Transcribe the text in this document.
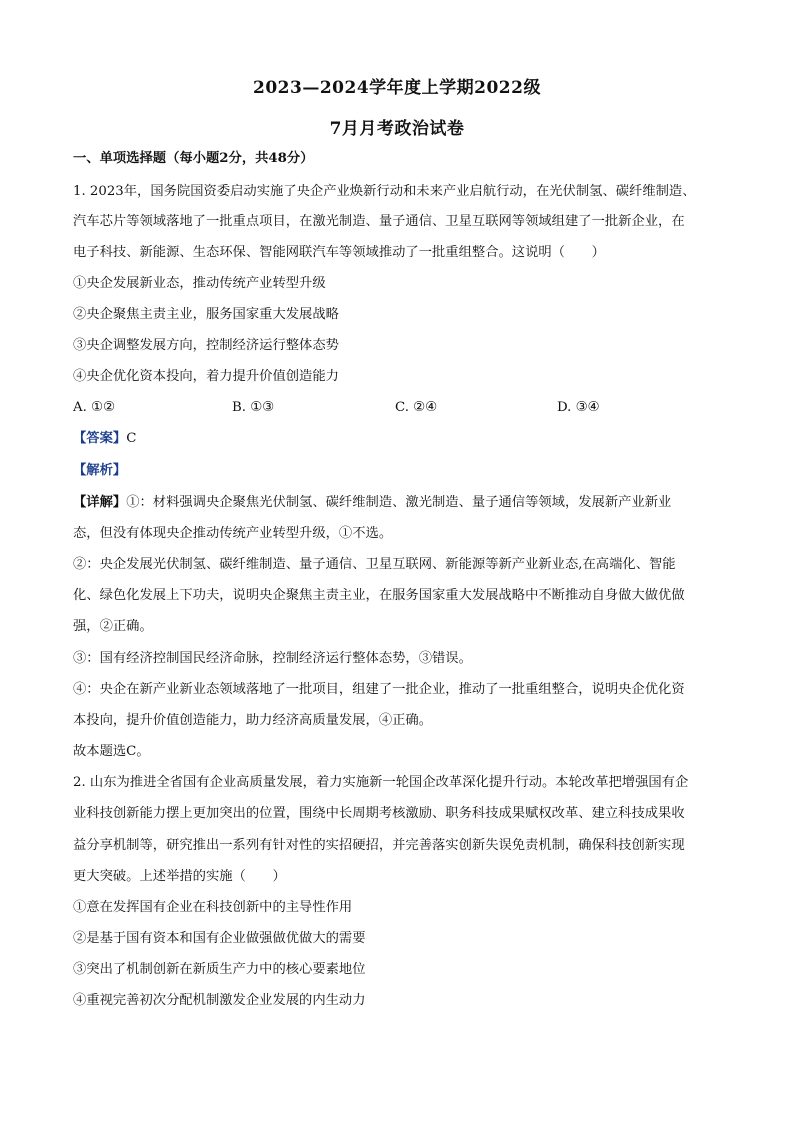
2023—2024学年度上学期2022级
7月月考政治试卷
一、单项选择题（每小题2分，共48分）
1. 2023年，国务院国资委启动实施了央企产业焕新行动和未来产业启航行动，在光伏制氢、碳纤维制造、
汽车芯片等领域落地了一批重点项目，在激光制造、量子通信、卫星互联网等领域组建了一批新企业，在
电子科技、新能源、生态环保、智能网联汽车等领域推动了一批重组整合。这说明（　　）
①央企发展新业态，推动传统产业转型升级
②央企聚焦主责主业，服务国家重大发展战略
③央企调整发展方向，控制经济运行整体态势
④央企优化资本投向，着力提升价值创造能力
A. ①②	B. ①③	C. ②④	D. ③④
【答案】C
【解析】
【详解】①：材料强调央企聚焦光伏制氢、碳纤维制造、激光制造、量子通信等领域，发展新产业新业
态，但没有体现央企推动传统产业转型升级，①不选。
②：央企发展光伏制氢、碳纤维制造、量子通信、卫星互联网、新能源等新产业新业态,在高端化、智能
化、绿色化发展上下功夫，说明央企聚焦主责主业，在服务国家重大发展战略中不断推动自身做大做优做
强，②正确。
③：国有经济控制国民经济命脉，控制经济运行整体态势，③错误。
④：央企在新产业新业态领域落地了一批项目，组建了一批企业，推动了一批重组整合，说明央企优化资
本投向，提升价值创造能力，助力经济高质量发展，④正确。
故本题选C。
2. 山东为推进全省国有企业高质量发展，着力实施新一轮国企改革深化提升行动。本轮改革把增强国有企
业科技创新能力摆上更加突出的位置，围绕中长周期考核激励、职务科技成果赋权改革、建立科技成果收
益分享机制等，研究推出一系列有针对性的实招硬招，并完善落实创新失误免责机制，确保科技创新实现
更大突破。上述举措的实施（　　）
①意在发挥国有企业在科技创新中的主导性作用
②是基于国有资本和国有企业做强做优做大的需要
③突出了机制创新在新质生产力中的核心要素地位
④重视完善初次分配机制激发企业发展的内生动力
